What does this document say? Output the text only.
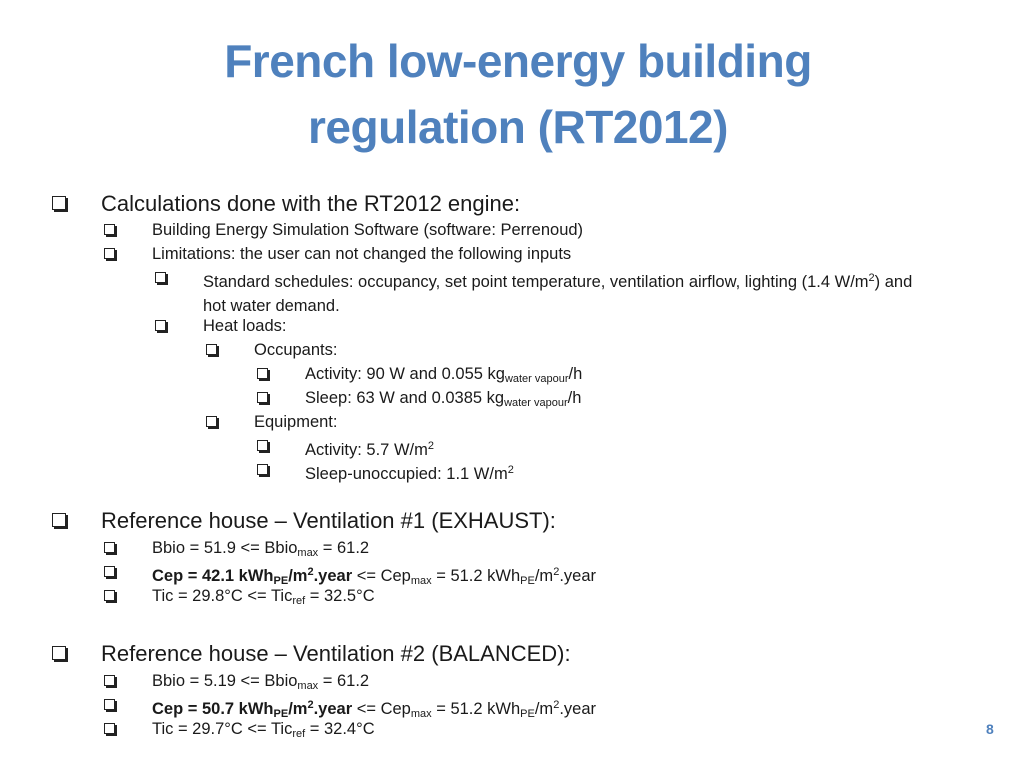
French low-energy building
regulation (RT2012)
Calculations done with the RT2012 engine:
Building Energy Simulation Software (software: Perrenoud)
Limitations: the user can not changed the following inputs
Standard schedules: occupancy, set point temperature, ventilation airflow, lighting (1.4 $W/m^2$) and hot water demand.
Heat loads:
Occupants:
Activity: 90 W and 0.055 $kg_{water vapour}/h$
Sleep: 63 W and 0.0385 $kg_{water vapour}/h$
Equipment:
Activity: 5.7 $W/m^2$
Sleep-unoccupied: 1.1 $W/m^2$
Reference house – Ventilation #1 (EXHAUST):
Bbio = 51.9 <= Bbio$_{max}$ = 61.2
Cep = 42.1 $kWh_{PE}/m^2.year <= Cep_{max} = 51.2$ $kWh_{PE}/m^2.year$
Tic = 29.8°C <= Tic$_{ref}$ = 32.5°C
Reference house – Ventilation #2 (BALANCED):
Bbio = 5.19 <= Bbio$_{max}$ = 61.2
Cep = 50.7 $kWh_{PE}/m^2.year <= Cep_{max} = 51.2$ $kWh_{PE}/m^2.year$
Tic = 29.7°C <= Tic$_{ref}$ = 32.4°C	8
